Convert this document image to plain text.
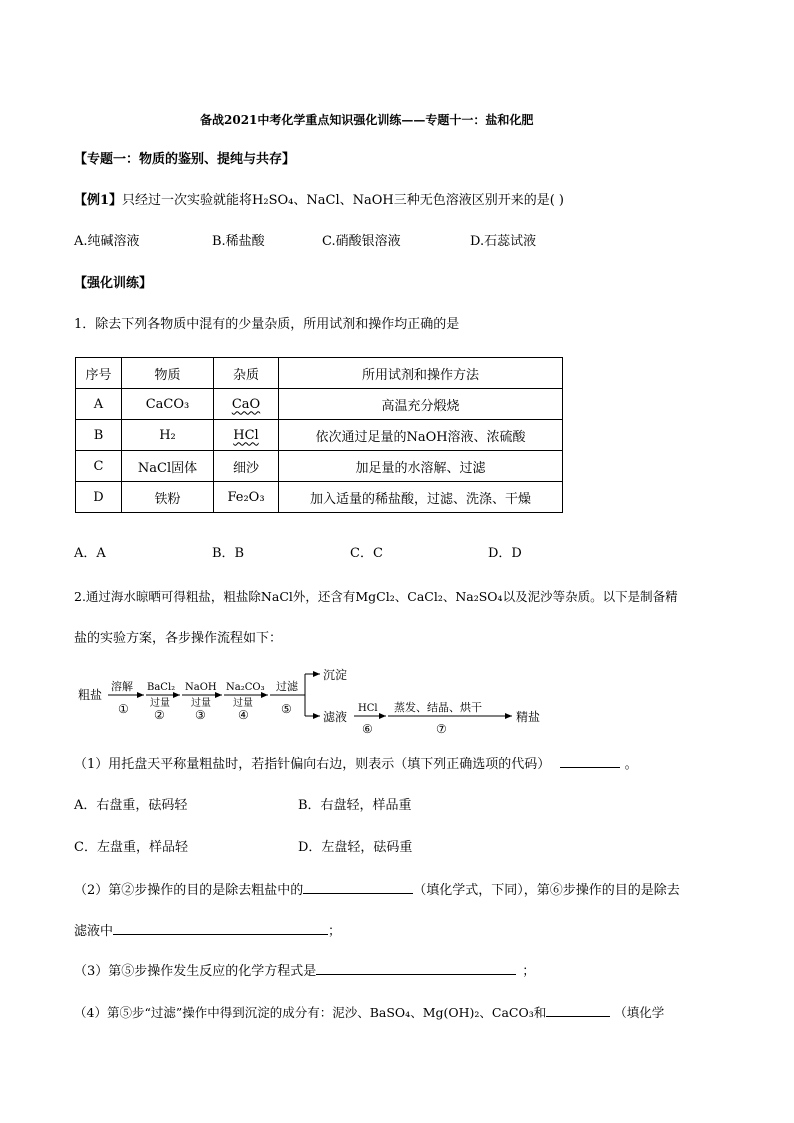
备战2021中考化学重点知识强化训练——专题十一：盐和化肥
【专题一：物质的鉴别、提纯与共存】
【例1】只经过一次实验就能将H₂SO₄、NaCl、NaOH三种无色溶液区别开来的是( )
A.纯碱溶液	B.稀盐酸	C.硝酸银溶液	D.石蕊试液
【强化训练】
1．除去下列各物质中混有的少量杂质，所用试剂和操作均正确的是
序号	物质	杂质	所用试剂和操作方法
A	CaCO₃	CaO	高温充分煅烧
B	H₂	HCl	依次通过足量的NaOH溶液、浓硫酸
C	NaCl固体	细沙	加足量的水溶解、过滤
D	铁粉	Fe₂O₃	加入适量的稀盐酸，过滤、洗涤、干燥
A．A	B．B	C．C	D．D
2.通过海水晾晒可得粗盐，粗盐除NaCl外，还含有MgCl₂、CaCl₂、Na₂SO₄以及泥沙等杂质。以下是制备精
盐的实验方案，各步操作流程如下：
粗盐
溶解
①
BaCl₂
过量
②
NaOH
过量
③
Na₂CO₃
过量
④
过滤
⑤
沉淀
滤液
HCl
⑥
蒸发、结晶、烘干
⑦
精盐
（1）用托盘天平称量粗盐时，若指针偏向右边，则表示（填下列正确选项的代码）	。
A．右盘重，砝码轻	B．右盘轻，样品重
C．左盘重，样品轻	D．左盘轻，砝码重
（2）第②步操作的目的是除去粗盐中的	（填化学式，下同），第⑥步操作的目的是除去
滤液中	；
（3）第⑤步操作发生反应的化学方程式是	；
（4）第⑤步“过滤”操作中得到沉淀的成分有：泥沙、BaSO₄、Mg(OH)₂、CaCO₃和	（填化学
